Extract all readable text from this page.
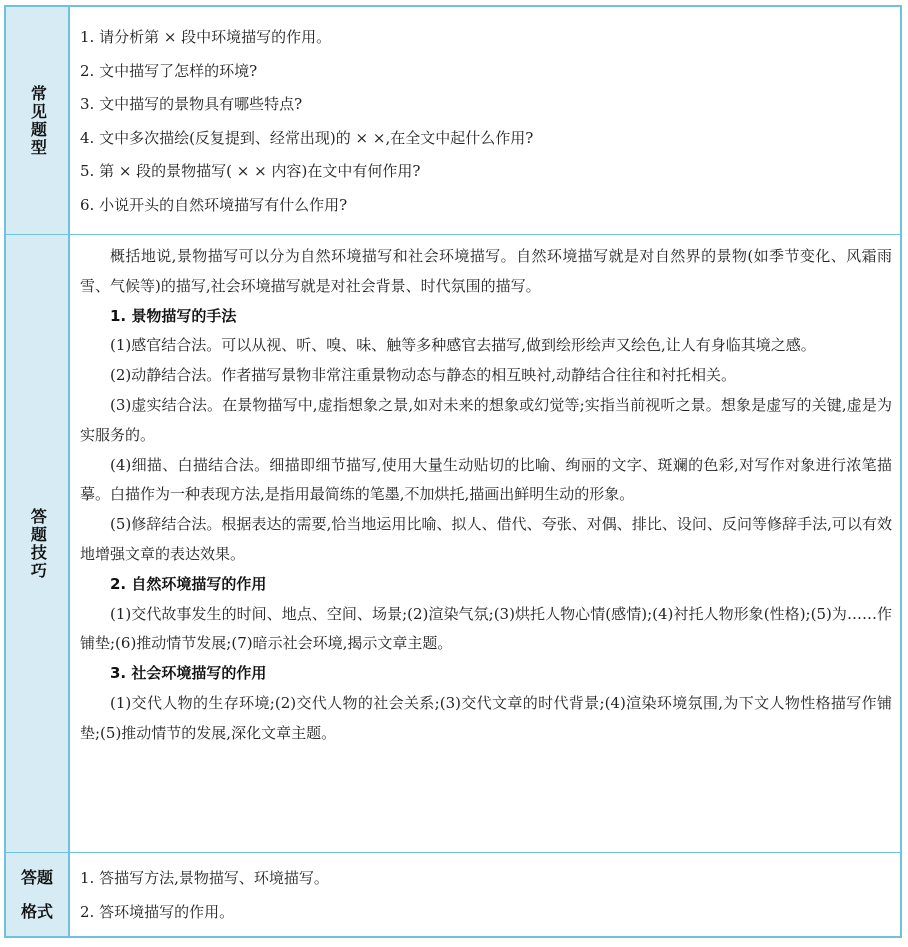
常见题型
1. 请分析第 × 段中环境描写的作用。
2. 文中描写了怎样的环境?
3. 文中描写的景物具有哪些特点?
4. 文中多次描绘(反复提到、经常出现)的 × ×,在全文中起什么作用?
5. 第 × 段的景物描写( × × 内容)在文中有何作用?
6. 小说开头的自然环境描写有什么作用?
答题技巧

概括地说,景物描写可以分为自然环境描写和社会环境描写。自然环境描写就是对自然界的景物(如季节变化、风霜雨雪、气候等)的描写,社会环境描写就是对社会背景、时代氛围的描写。

1. 景物描写的手法

(1)感官结合法。可以从视、听、嗅、味、触等多种感官去描写,做到绘形绘声又绘色,让人有身临其境之感。

(2)动静结合法。作者描写景物非常注重景物动态与静态的相互映衬,动静结合往往和衬托相关。

(3)虚实结合法。在景物描写中,虚指想象之景,如对未来的想象或幻觉等;实指当前视听之景。想象是虚写的关键,虚是为实服务的。

(4)细描、白描结合法。细描即细节描写,使用大量生动贴切的比喻、绚丽的文字、斑斓的色彩,对写作对象进行浓笔描摹。白描作为一种表现方法,是指用最简练的笔墨,不加烘托,描画出鲜明生动的形象。

(5)修辞结合法。根据表达的需要,恰当地运用比喻、拟人、借代、夸张、对偶、排比、设问、反问等修辞手法,可以有效地增强文章的表达效果。

2. 自然环境描写的作用

(1)交代故事发生的时间、地点、空间、场景;(2)渲染气氛;(3)烘托人物心情(感情);(4)衬托人物形象(性格);(5)为……作铺垫;(6)推动情节发展;(7)暗示社会环境,揭示文章主题。

3. 社会环境描写的作用

(1)交代人物的生存环境;(2)交代人物的社会关系;(3)交代文章的时代背景;(4)渲染环境氛围,为下文人物性格描写作铺垫;(5)推动情节的发展,深化文章主题。

答题
格式
1. 答描写方法,景物描写、环境描写。
2. 答环境描写的作用。
